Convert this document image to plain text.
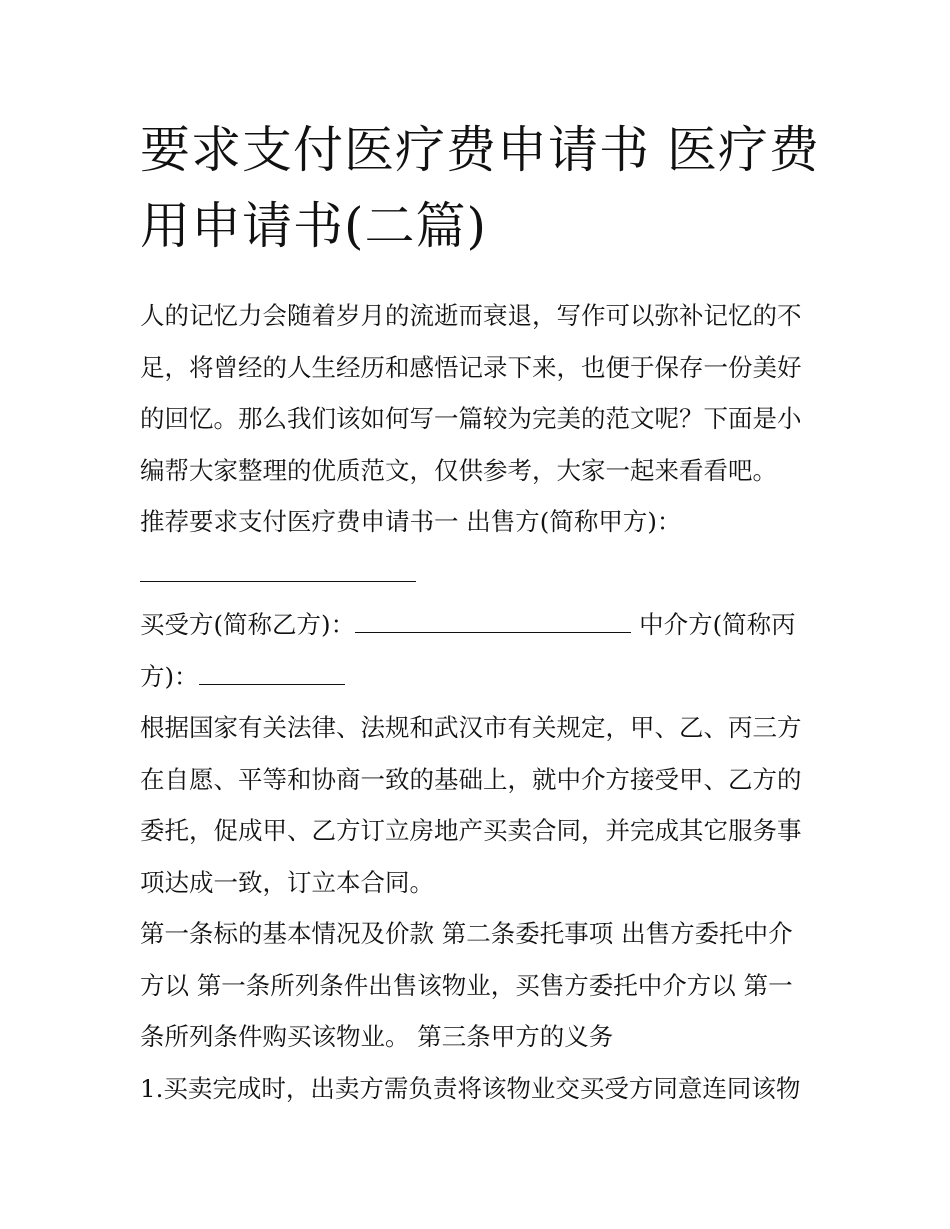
要求支付医疗费申请书 医疗费
用申请书(二篇)
人的记忆力会随着岁月的流逝而衰退，写作可以弥补记忆的不
足，将曾经的人生经历和感悟记录下来，也便于保存一份美好
的回忆。那么我们该如何写一篇较为完美的范文呢？下面是小
编帮大家整理的优质范文，仅供参考，大家一起来看看吧。
推荐要求支付医疗费申请书一 出售方(简称甲方)：
买受方(简称乙方)：	中介方(简称丙
方)：
根据国家有关法律、法规和武汉市有关规定，甲、乙、丙三方
在自愿、平等和协商一致的基础上，就中介方接受甲、乙方的
委托，促成甲、乙方订立房地产买卖合同，并完成其它服务事
项达成一致，订立本合同。
第一条标的基本情况及价款 第二条委托事项 出售方委托中介
方以 第一条所列条件出售该物业，买售方委托中介方以 第一
条所列条件购买该物业。 第三条甲方的义务
1.买卖完成时，出卖方需负责将该物业交买受方同意连同该物
